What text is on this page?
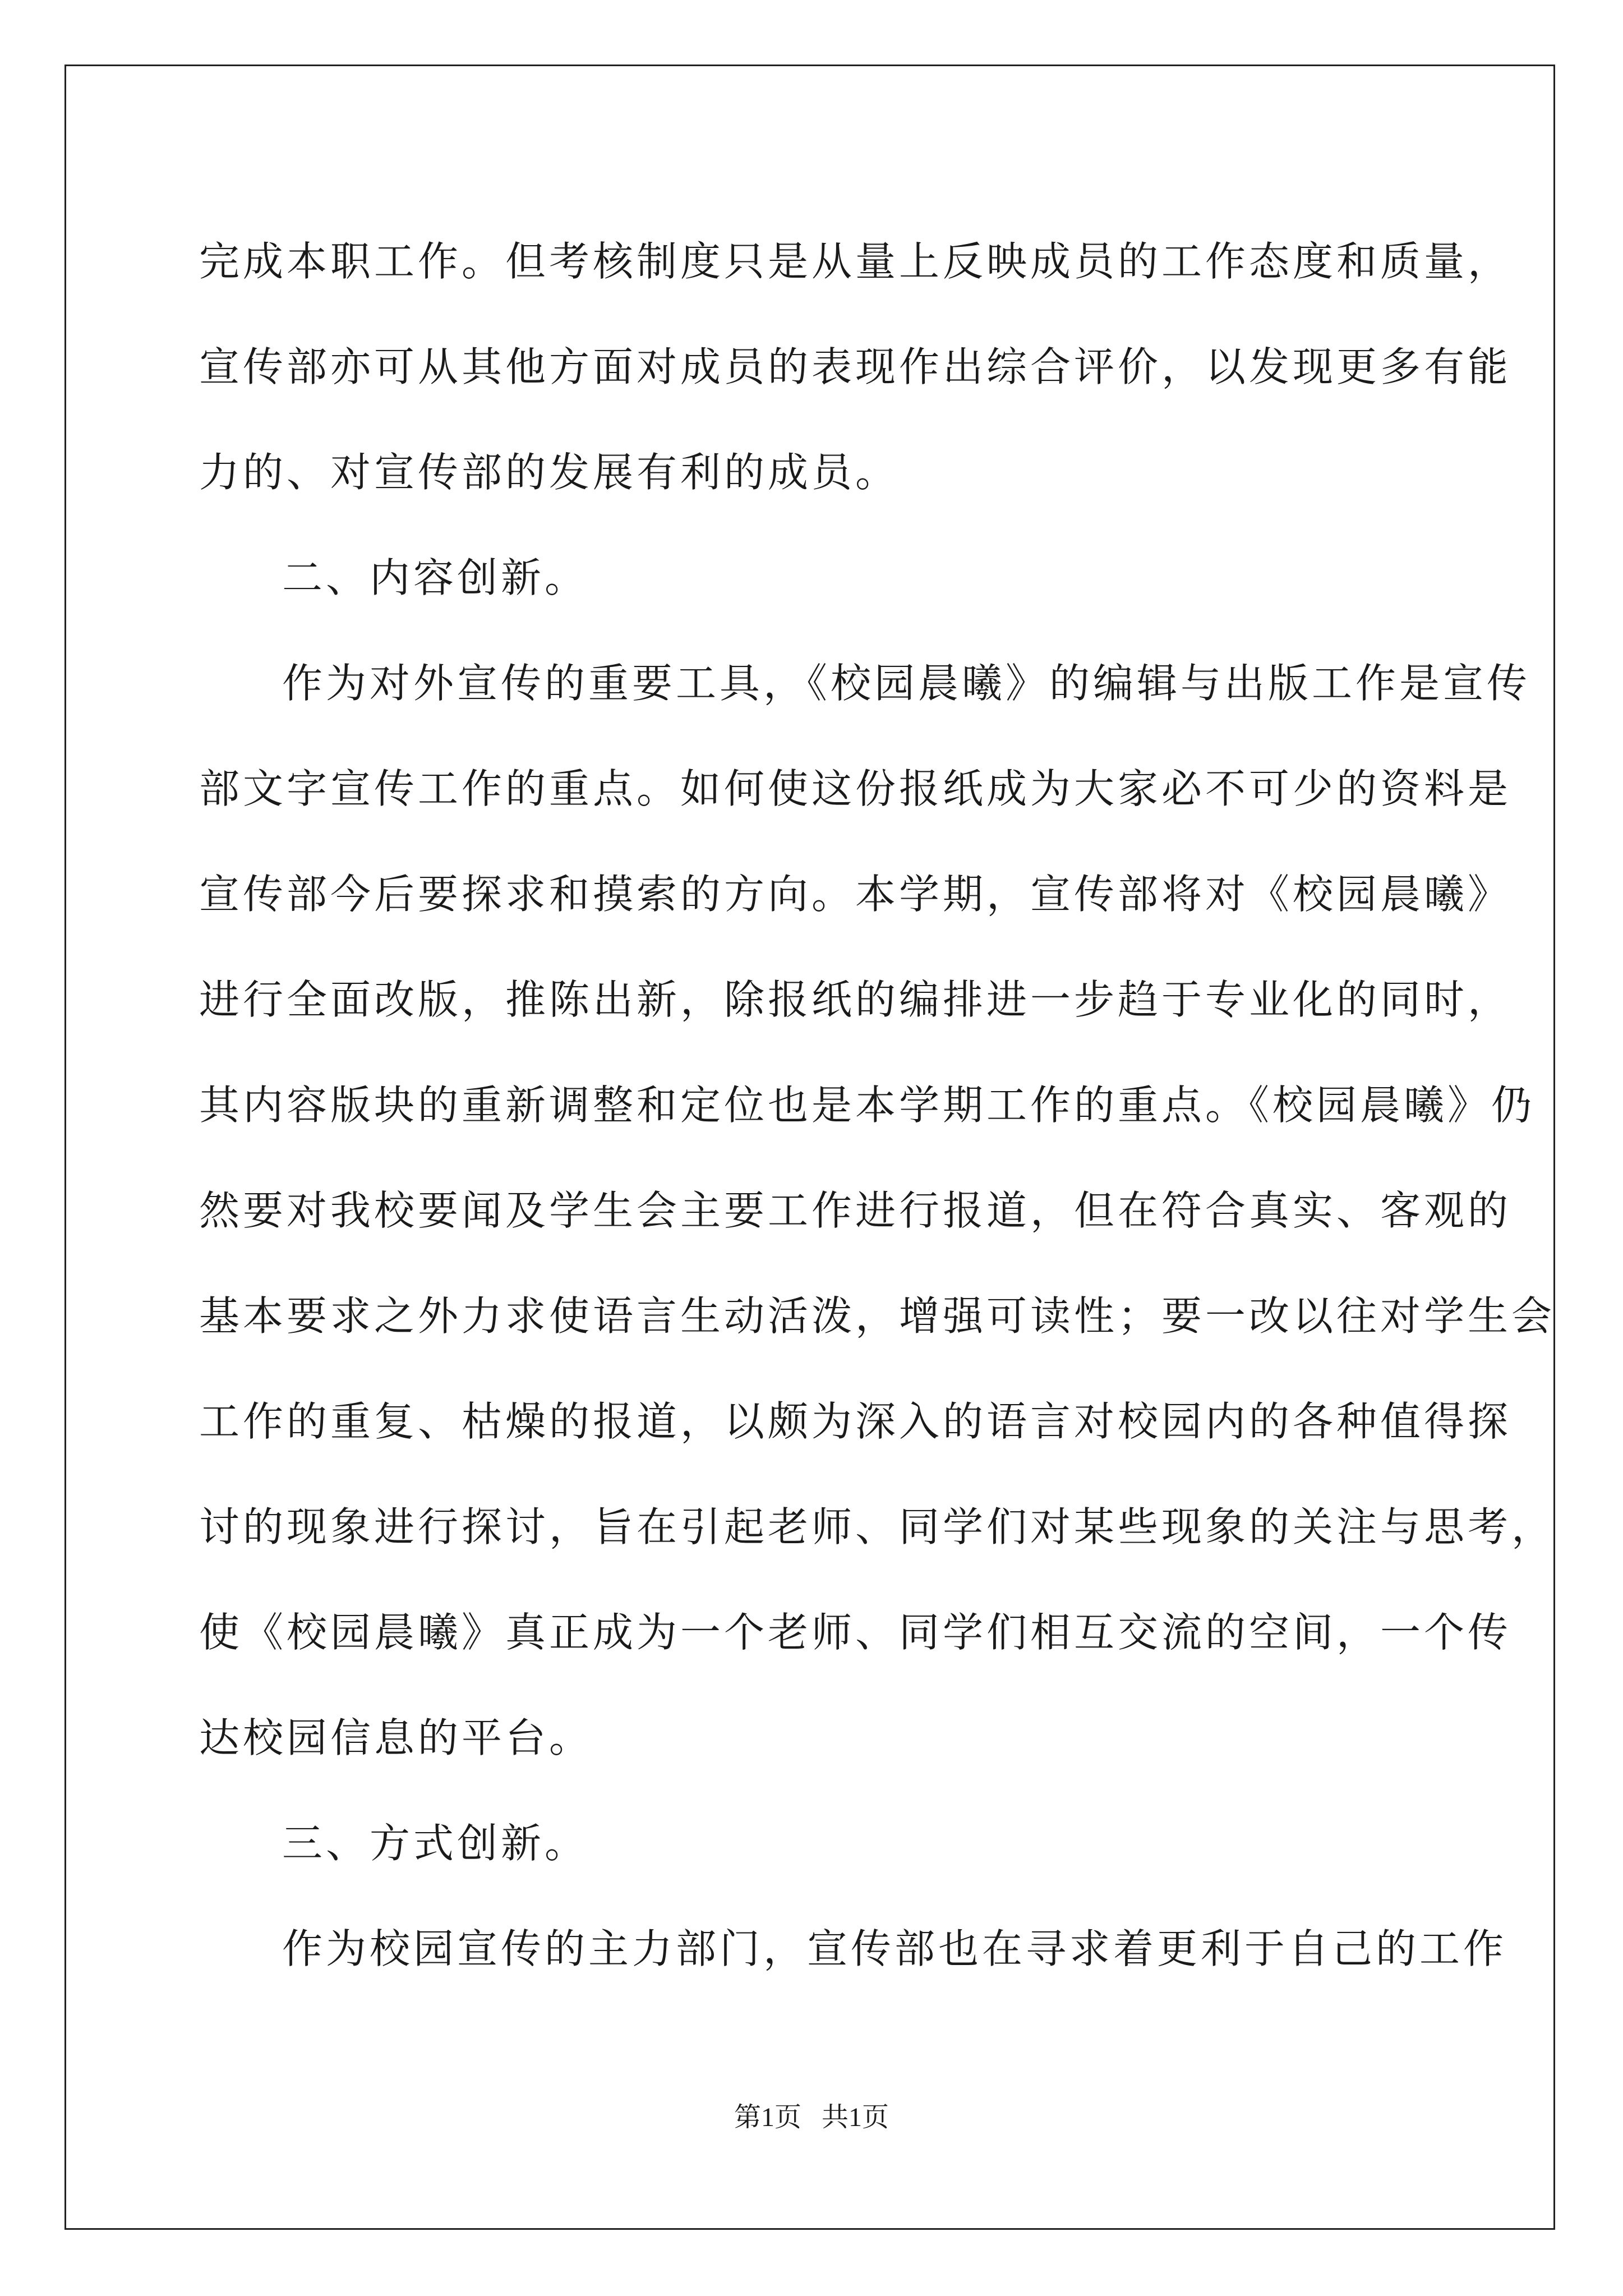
完成本职工作。但考核制度只是从量上反映成员的工作态度和质量，
宣传部亦可从其他方面对成员的表现作出综合评价，以发现更多有能
力的、对宣传部的发展有利的成员。
二、内容创新。
作为对外宣传的重要工具，《校园晨曦》的编辑与出版工作是宣传
部文字宣传工作的重点。如何使这份报纸成为大家必不可少的资料是
宣传部今后要探求和摸索的方向。本学期，宣传部将对《校园晨曦》
进行全面改版，推陈出新，除报纸的编排进一步趋于专业化的同时，
其内容版块的重新调整和定位也是本学期工作的重点。《校园晨曦》仍
然要对我校要闻及学生会主要工作进行报道，但在符合真实、客观的
基本要求之外力求使语言生动活泼，增强可读性；要一改以往对学生会
工作的重复、枯燥的报道，以颇为深入的语言对校园内的各种值得探
讨的现象进行探讨，旨在引起老师、同学们对某些现象的关注与思考，
使《校园晨曦》真正成为一个老师、同学们相互交流的空间，一个传
达校园信息的平台。
三、方式创新。
作为校园宣传的主力部门，宣传部也在寻求着更利于自己的工作
第1页 共1页
